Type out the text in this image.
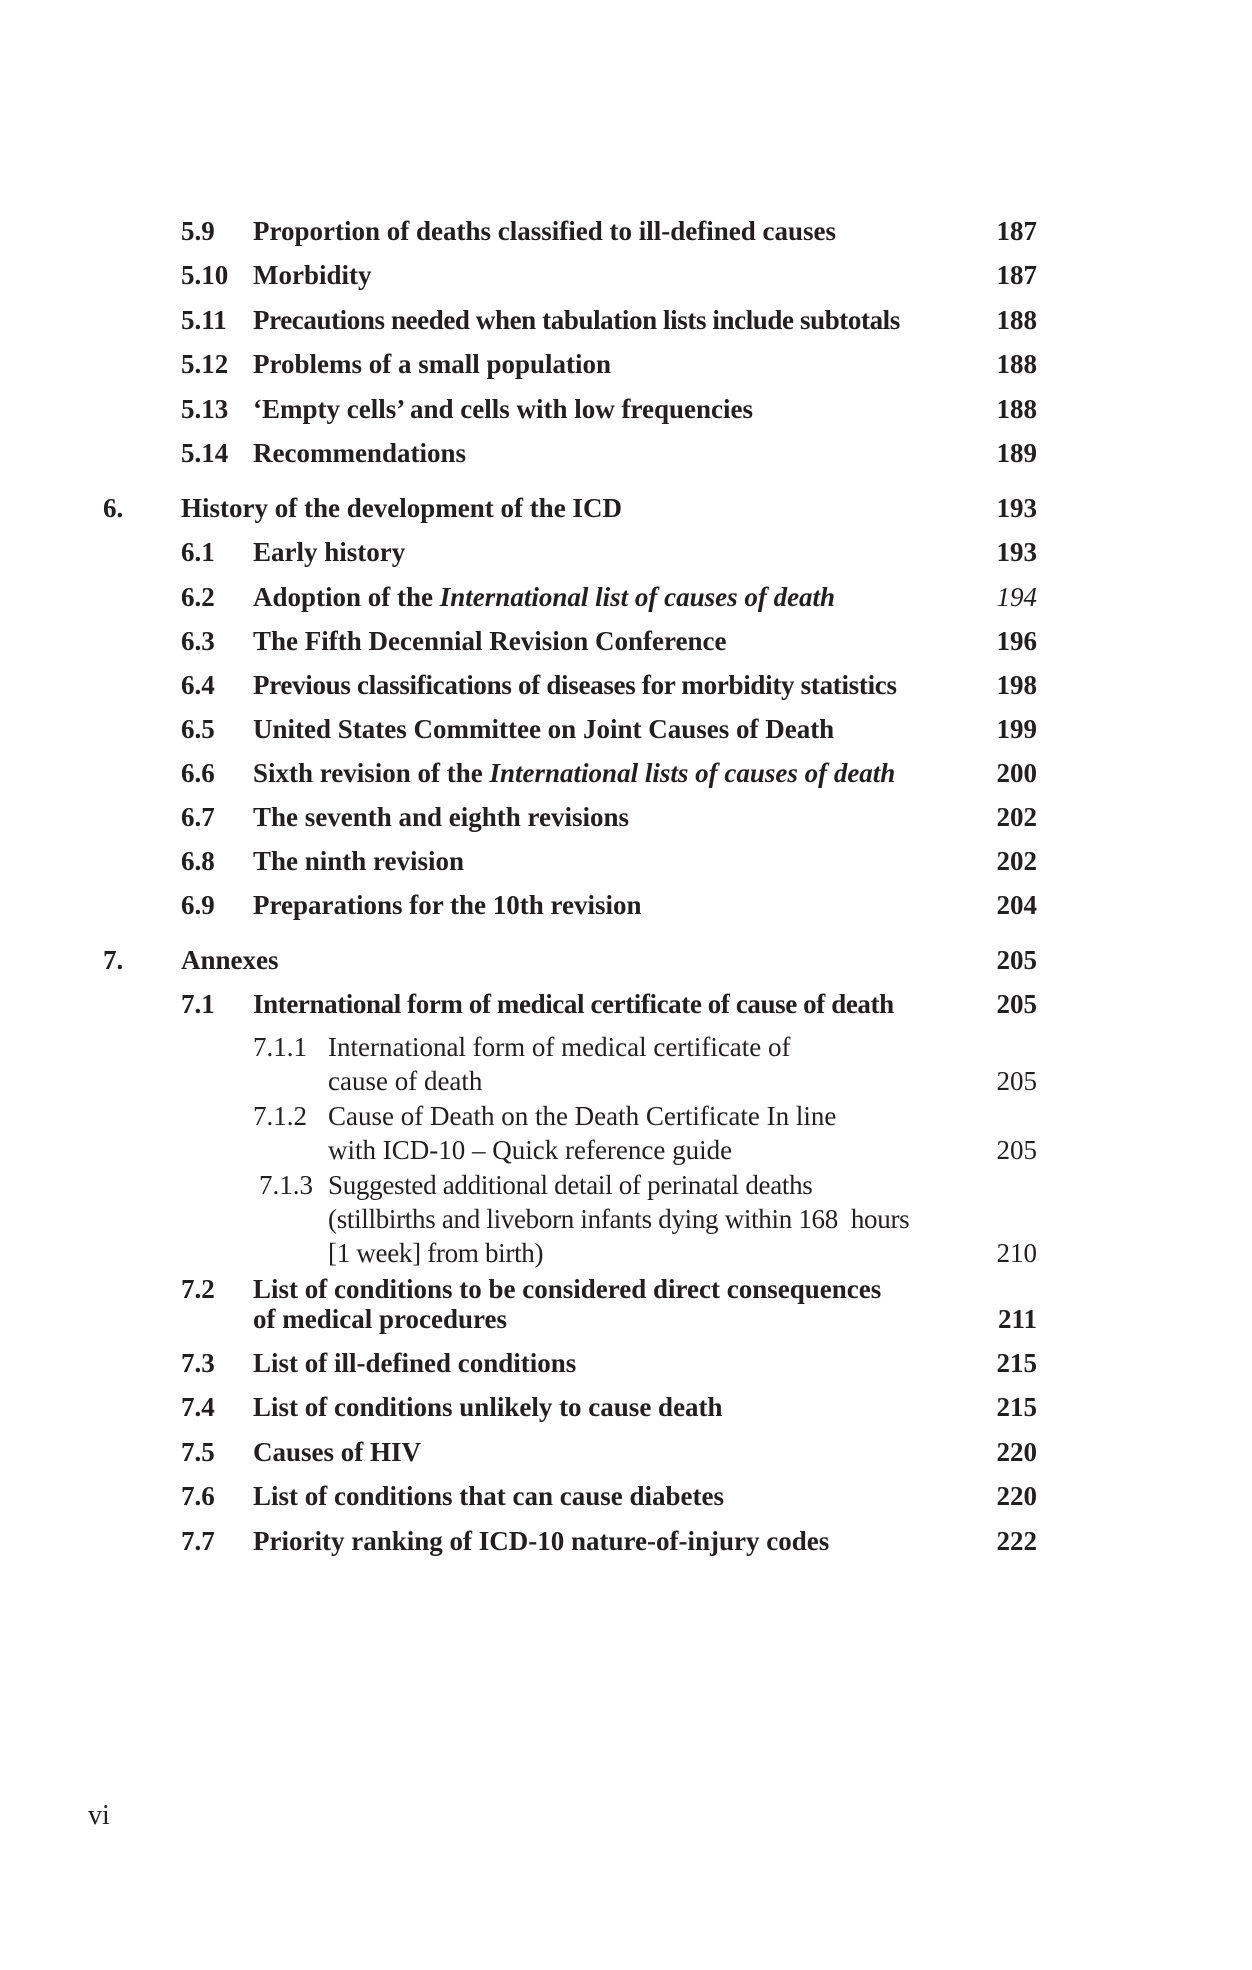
5.9 Proportion of deaths classified to ill-defined causes	187
5.10 Morbidity	187
5.11 Precautions needed when tabulation lists include subtotals	188
5.12 Problems of a small population	188
5.13 ‘Empty cells’ and cells with low frequencies	188
5.14 Recommendations	189
6. History of the development of the ICD	193
6.1 Early history	193
6.2 Adoption of the International list of causes of death	194
6.3 The Fifth Decennial Revision Conference	196
6.4 Previous classifications of diseases for morbidity statistics	198
6.5 United States Committee on Joint Causes of Death	199
6.6 Sixth revision of the International lists of causes of death	200
6.7 The seventh and eighth revisions	202
6.8 The ninth revision	202
6.9 Preparations for the 10th revision	204
7. Annexes	205
7.1 International form of medical certificate of cause of death	205
7.1.1 International form of medical certificate of
cause of death	205
7.1.2 Cause of Death on the Death Certificate In line
with ICD-10 – Quick reference guide	205
7.1.3 Suggested additional detail of perinatal deaths
(stillbirths and liveborn infants dying within 168  hours
[1 week] from birth)	210
7.2 List of conditions to be considered direct consequences
of medical procedures	211
7.3 List of ill-defined conditions	215
7.4 List of conditions unlikely to cause death	215
7.5 Causes of HIV	220
7.6 List of conditions that can cause diabetes	220
7.7 Priority ranking of ICD-10 nature-of-injury codes	222
vi
